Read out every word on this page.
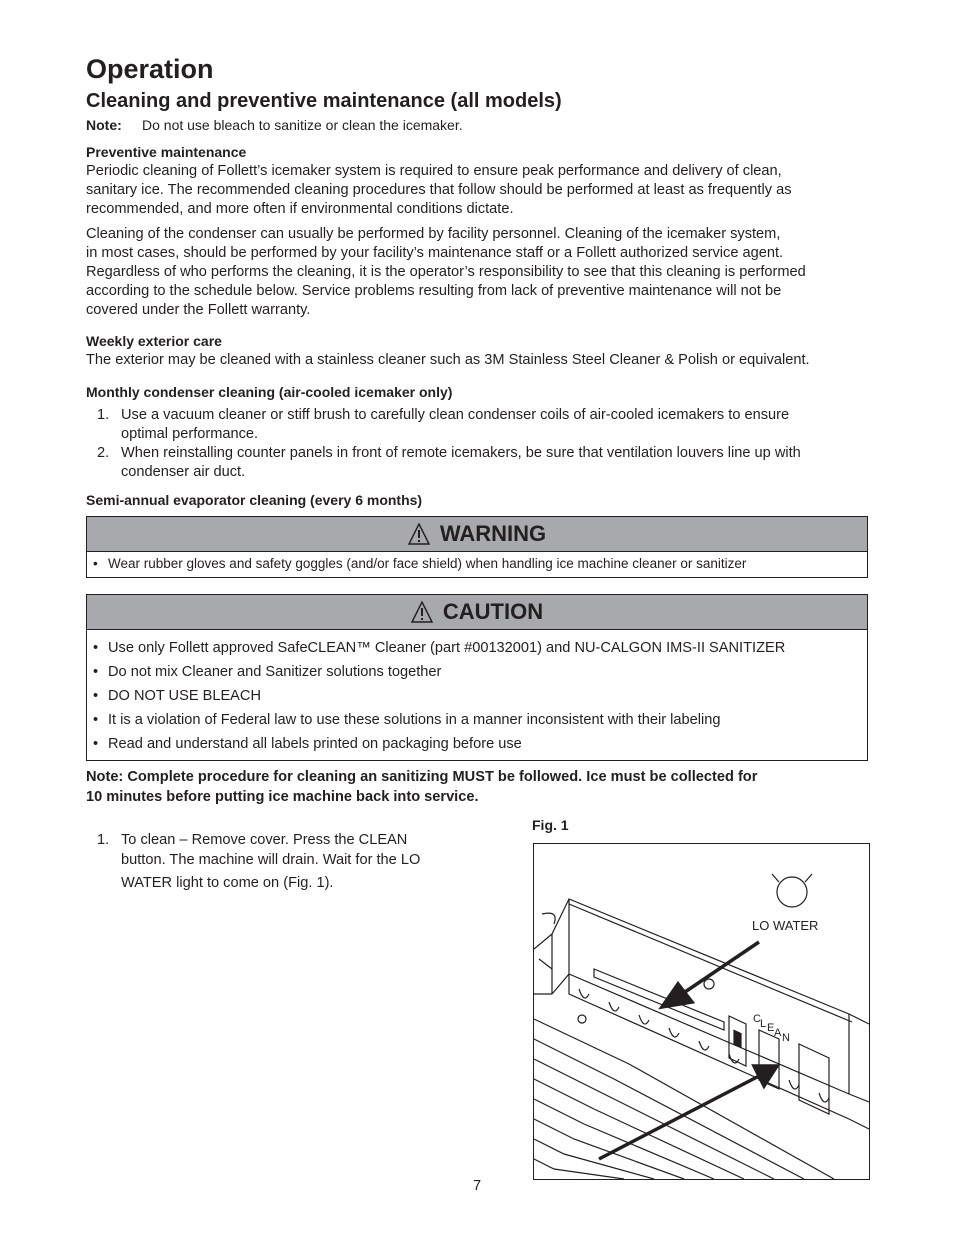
Operation
Cleaning and preventive maintenance (all models)
Note: Do not use bleach to sanitize or clean the icemaker.
Preventive maintenance
Periodic cleaning of Follett’s icemaker system is required to ensure peak performance and delivery of clean,
sanitary ice. The recommended cleaning procedures that follow should be performed at least as frequently as
recommended, and more often if environmental conditions dictate.
Cleaning of the condenser can usually be performed by facility personnel. Cleaning of the icemaker system,
in most cases, should be performed by your facility’s maintenance staff or a Follett authorized service agent.
Regardless of who performs the cleaning, it is the operator’s responsibility to see that this cleaning is performed
according to the schedule below. Service problems resulting from lack of preventive maintenance will not be
covered under the Follett warranty.
Weekly exterior care
The exterior may be cleaned with a stainless cleaner such as 3M Stainless Steel Cleaner & Polish or equivalent.
Monthly condenser cleaning (air-cooled icemaker only)
1. Use a vacuum cleaner or stiff brush to carefully clean condenser coils of air-cooled icemakers to ensure
optimal performance.
2. When reinstalling counter panels in front of remote icemakers, be sure that ventilation louvers line up with
condenser air duct.
Semi-annual evaporator cleaning (every 6 months)
WARNING
• Wear rubber gloves and safety goggles (and/or face shield) when handling ice machine cleaner or sanitizer
CAUTION
• Use only Follett approved SafeCLEAN™ Cleaner (part #00132001) and NU-CALGON IMS-II SANITIZER
• Do not mix Cleaner and Sanitizer solutions together
• DO NOT USE BLEACH
• It is a violation of Federal law to use these solutions in a manner inconsistent with their labeling
• Read and understand all labels printed on packaging before use
Note: Complete procedure for cleaning an sanitizing MUST be followed. Ice must be collected for
10 minutes before putting ice machine back into service.
1. To clean – Remove cover. Press the CLEAN
button. The machine will drain. Wait for the LO
WATER light to come on (Fig. 1).
Fig. 1
LO WATER
C L E A N
7
